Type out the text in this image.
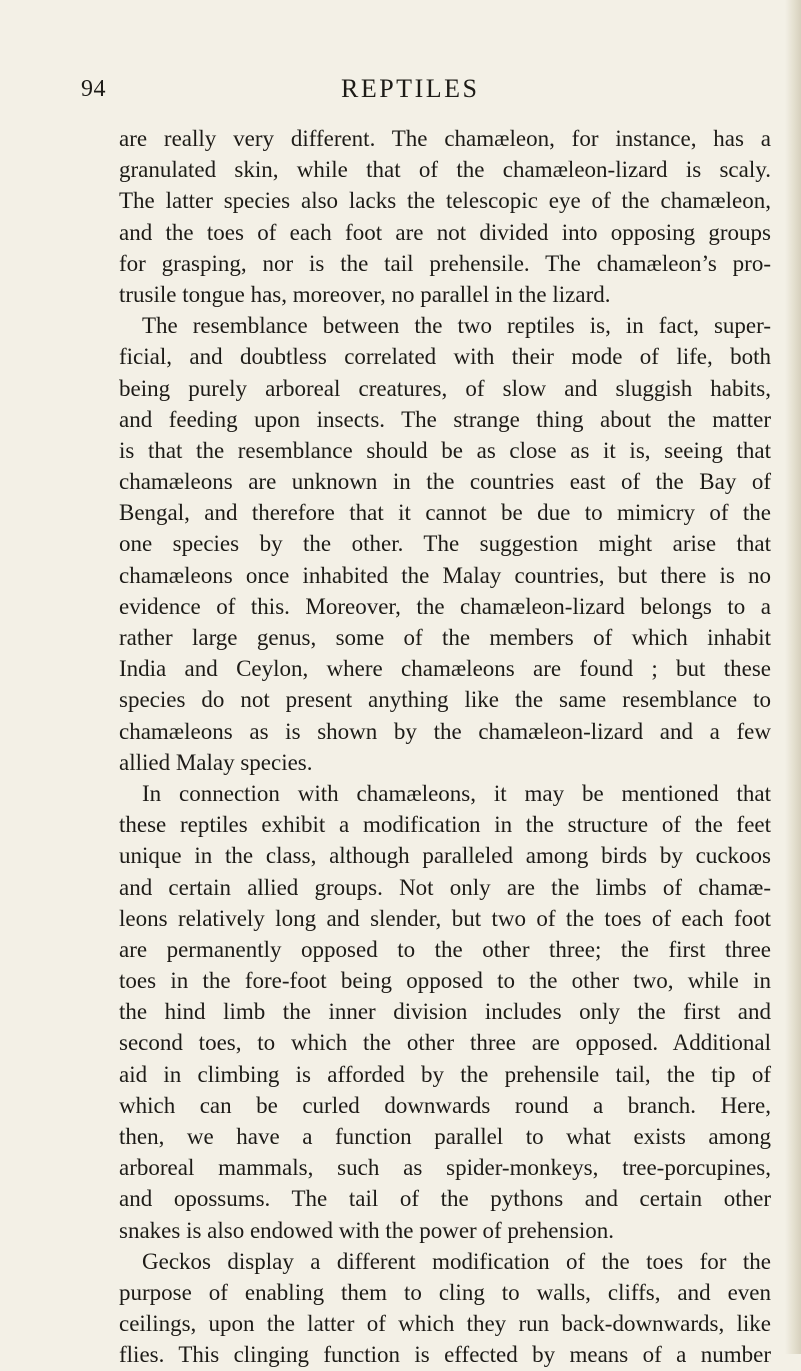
94	REPTILES
are really very different. The chamæleon, for instance, has a
granulated skin, while that of the chamæleon-lizard is scaly.
The latter species also lacks the telescopic eye of the chamæleon,
and the toes of each foot are not divided into opposing groups
for grasping, nor is the tail prehensile. The chamæleon’s pro-
trusile tongue has, moreover, no parallel in the lizard.
The resemblance between the two reptiles is, in fact, super-
ficial, and doubtless correlated with their mode of life, both
being purely arboreal creatures, of slow and sluggish habits,
and feeding upon insects. The strange thing about the matter
is that the resemblance should be as close as it is, seeing that
chamæleons are unknown in the countries east of the Bay of
Bengal, and therefore that it cannot be due to mimicry of the
one species by the other. The suggestion might arise that
chamæleons once inhabited the Malay countries, but there is no
evidence of this. Moreover, the chamæleon-lizard belongs to a
rather large genus, some of the members of which inhabit
India and Ceylon, where chamæleons are found ; but these
species do not present anything like the same resemblance to
chamæleons as is shown by the chamæleon-lizard and a few
allied Malay species.
In connection with chamæleons, it may be mentioned that
these reptiles exhibit a modification in the structure of the feet
unique in the class, although paralleled among birds by cuckoos
and certain allied groups. Not only are the limbs of chamæ-
leons relatively long and slender, but two of the toes of each foot
are permanently opposed to the other three; the first three
toes in the fore-foot being opposed to the other two, while in
the hind limb the inner division includes only the first and
second toes, to which the other three are opposed. Additional
aid in climbing is afforded by the prehensile tail, the tip of
which can be curled downwards round a branch. Here,
then, we have a function parallel to what exists among
arboreal mammals, such as spider-monkeys, tree-porcupines,
and opossums. The tail of the pythons and certain other
snakes is also endowed with the power of prehension.
Geckos display a different modification of the toes for the
purpose of enabling them to cling to walls, cliffs, and even
ceilings, upon the latter of which they run back-downwards, like
flies. This clinging function is effected by means of a number
